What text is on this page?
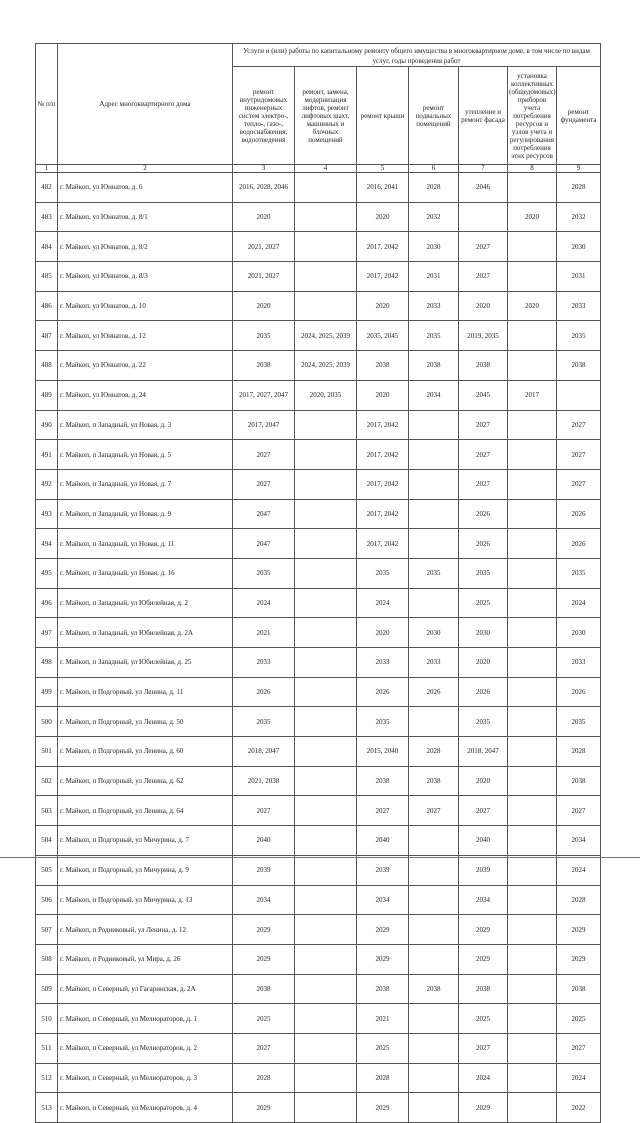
№ п/п	Адрес многоквартирного дома	Услуги и (или) работы по капитальному ремонту общего имущества в многоквартирном доме, в том числе по видам услуг, годы проведения работ						
		ремонт внутридомовых инженерных систем электро-, тепло-, газо-, водоснабжения, водоотведения	ремонт, замена, модернизация лифтов, ремонт лифтовых шахт, машинных и блочных помещений	ремонт крыши	ремонт подвальных помещений	утепление и ремонт фасада	установка коллективных (общедомовых) приборов учета потребления ресурсов и узлов учета и регулирования потребления этих ресурсов	ремонт фундамента
1	2	3	4	5	6	7	8	9
482	г. Майкоп, ул Юннатов, д. 6	2016, 2028, 2046		2016, 2041	2028	2046		2028
483	г. Майкоп, ул Юннатов, д. 8/1	2020		2020	2032		2020	2032
484	г. Майкоп, ул Юннатов, д. 8/2	2021, 2027		2017, 2042	2030	2027		2030
485	г. Майкоп, ул Юннатов, д. 8/3	2021, 2027		2017, 2042	2031	2027		2031
486	г. Майкоп, ул Юннатов, д. 10	2020		2020	2033	2020	2020	2033
487	г. Майкоп, ул Юннатов, д. 12	2035	2024, 2025, 2039	2035, 2045	2035	2019, 2035		2035
488	г. Майкоп, ул Юннатов, д. 22	2038	2024, 2025, 2039	2038	2038	2038		2038
489	г. Майкоп, ул Юннатов, д. 24	2017, 2027, 2047	2020, 2035	2020	2034	2045	2017	
490	г. Майкоп, п Западный, ул Новая, д. 3	2017, 2047		2017, 2042		2027		2027
491	г. Майкоп, п Западный, ул Новая, д. 5	2027		2017, 2042		2027		2027
492	г. Майкоп, п Западный, ул Новая, д. 7	2027		2017, 2042		2027		2027
493	г. Майкоп, п Западный, ул Новая, д. 9	2047		2017, 2042		2026		2026
494	г. Майкоп, п Западный, ул Новая, д. 11	2047		2017, 2042		2026		2026
495	г. Майкоп, п Западный, ул Новая, д. 16	2035		2035	2035	2035		2035
496	г. Майкоп, п Западный, ул Юбилейная, д. 2	2024		2024		2025		2024
497	г. Майкоп, п Западный, ул Юбилейная, д. 2А	2021		2020	2030	2030		2030
498	г. Майкоп, п Западный, ул Юбилейная, д. 25	2033		2033	2033	2020		2033
499	г. Майкоп, п Подгорный, ул Ленина, д. 11	2026		2026	2026	2026		2026
500	г. Майкоп, п Подгорный, ул Ленина, д. 50	2035		2035		2035		2035
501	г. Майкоп, п Подгорный, ул Ленина, д. 60	2018, 2047		2015, 2040	2028	2018, 2047		2028
502	г. Майкоп, п Подгорный, ул Ленина, д. 62	2021, 2038		2038	2038	2020		2038
503	г. Майкоп, п Подгорный, ул Ленина, д. 64	2027		2027	2027	2027		2027
504	г. Майкоп, п Подгорный, ул Мичурина, д. 7	2040		2040		2040		2034
505	г. Майкоп, п Подгорный, ул Мичурина, д. 9	2039		2039		2039		2024
506	г. Майкоп, п Подгорный, ул Мичурина, д. 13	2034		2034		2034		2028
507	г. Майкоп, п Родниковый, ул Ленина, д. 12	2029		2029		2029		2029
508	г. Майкоп, п Родниковый, ул Мира, д. 26	2029		2029		2029		2029
509	г. Майкоп, п Северный, ул Гагаринская, д. 2А	2038		2038	2038	2038		2038
510	г. Майкоп, п Северный, ул Мелиораторов, д. 1	2025		2021		2025		2025
511	г. Майкоп, п Северный, ул Мелиораторов, д. 2	2027		2025		2027		2027
512	г. Майкоп, п Северный, ул Мелиораторов, д. 3	2028		2028		2024		2024
513	г. Майкоп, п Северный, ул Мелиораторов, д. 4	2029		2029		2029		2022
